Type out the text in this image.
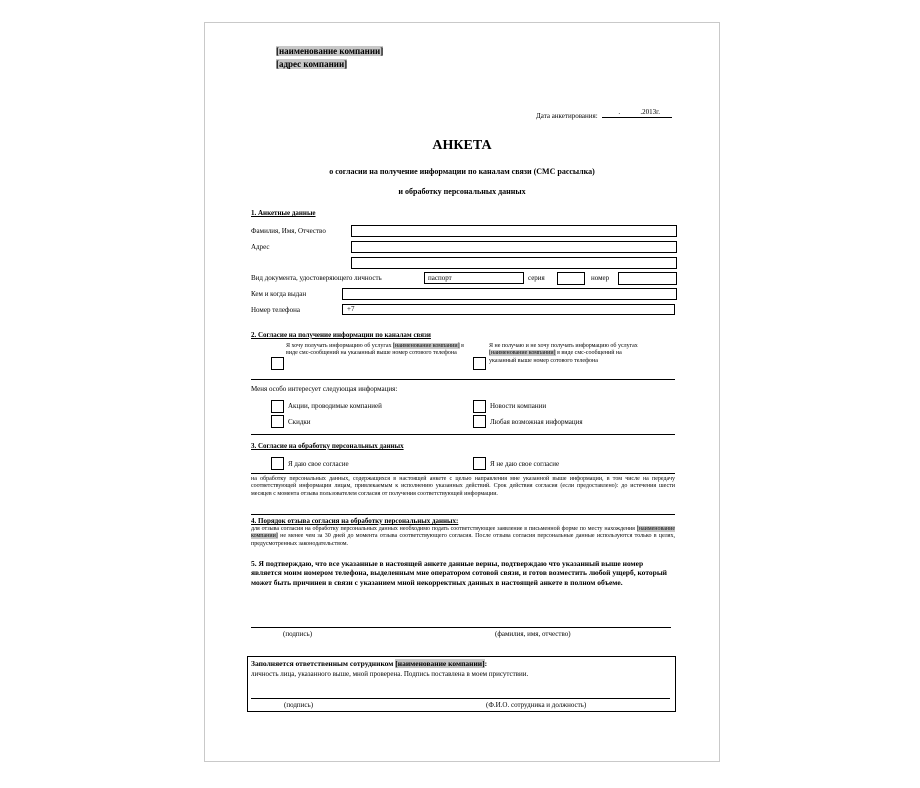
[наименование компании]
[адрес компании]
Дата анкетирования:	.	.2013г.
АНКЕТА
о согласии на получение информации по каналам связи (СМС рассылка)
и обработку персональных данных
1. Анкетные данные
Фамилия, Имя, Отчество
Адрес
Вид документа, удостоверяющего личность	паспорт	серия	номер
Кем и когда выдан
Номер телефона	+7
2. Согласие на получение информации по каналам связи
Я хочу получать информацию об услугах [наименование компании] в виде смс-сообщений на указанный выше номер сотового телефона
Я не получаю и не хочу получать информацию об услугах [наименование компании] в виде смс-сообщений на указанный выше номер сотового телефона
Меня особо интересует следующая информация:
Акции, проводимые компанией	Новости компании
Скидки	Любая возможная информация
3. Согласие на обработку персональных данных
Я даю свое согласие	Я не даю свое согласие
на обработку персональных данных, содержащихся в настоящей анкете с целью направления мне указанной выше информации, в том числе на передачу соответствующей информации лицам, привлекаемым к исполнению указанных действий. Срок действия согласия (если предоставлено): до истечения шести месяцев с момента отзыва пользователем согласия от получения соответствующей информации.
4. Порядок отзыва согласия на обработку персональных данных:
для отзыва согласия на обработку персональных данных необходимо подать соответствующее заявление в письменной форме по месту нахождения [наименование компании] не менее чем за 30 дней до момента отзыва соответствующего согласия. После отзыва согласия персональные данные используются только в целях, предусмотренных законодательством.
5. Я подтверждаю, что все указанные в настоящей анкете данные верны, подтверждаю что указанный выше номер является моим номером телефона, выделенным мне оператором сотовой связи, и готов возместить любой ущерб, который может быть причинен в связи с указанием мной некорректных данных в настоящей анкете в полном объеме.
(подпись)	(фамилия, имя, отчество)
Заполняется ответственным сотрудником [наименование компании]:
личность лица, указанного выше, мной проверена. Подпись поставлена в моем присутствии.
(подпись)	(Ф.И.О. сотрудника и должность)
